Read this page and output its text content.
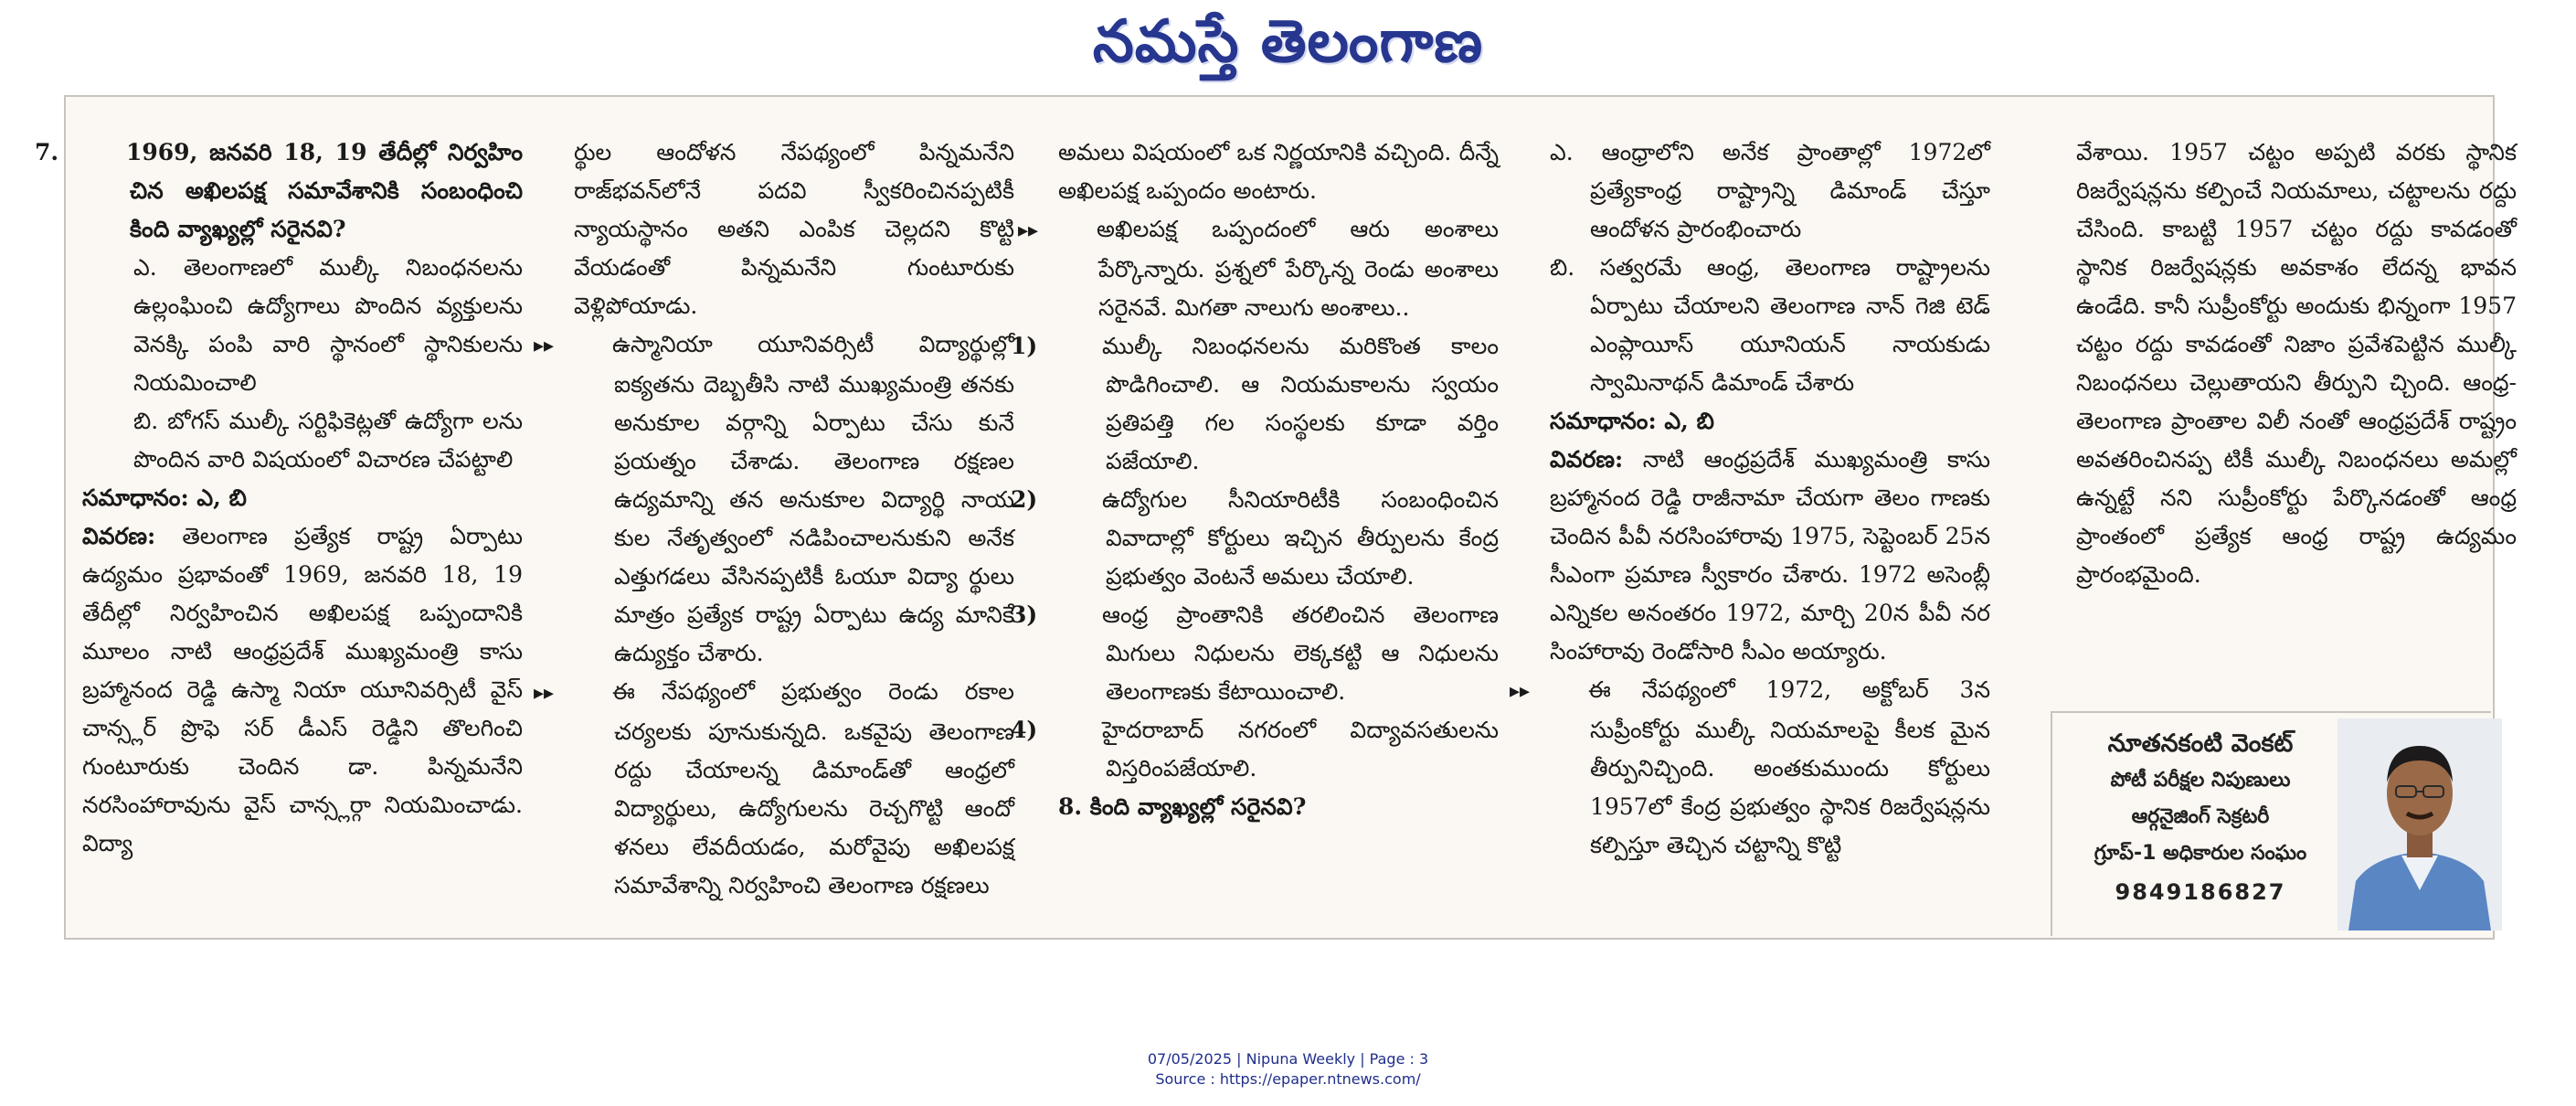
నమస్తే తెలంగాణ

7.	1969, జనవరి 18, 19 తేదీల్లో నిర్వహిం చిన అఖిలపక్ష సమావేశానికి సంబంధించి కింది వ్యాఖ్యల్లో సరైనవి?

ఎ. తెలంగాణలో ముల్కీ నిబంధనలను ఉల్లంఘించి ఉద్యోగాలు పొందిన వ్యక్తులను వెనక్కి పంపి వారి స్థానంలో స్థానికులను నియమించాలి

బి. బోగస్ ముల్కీ సర్టిఫికెట్లతో ఉద్యోగా లను పొందిన వారి విషయంలో విచారణ చేపట్టాలి

సమాధానం: ఎ, బి

వివరణ: తెలంగాణ ప్రత్యేక రాష్ట్ర ఏర్పాటు ఉద్యమం ప్రభావంతో 1969, జనవరి 18, 19 తేదీల్లో నిర్వహించిన అఖిలపక్ష ఒప్పందానికి మూలం నాటి ఆంధ్రప్రదేశ్ ముఖ్యమంత్రి కాసు బ్రహ్మానంద రెడ్డి ఉస్మా నియా యూనివర్సిటీ వైస్ చాన్స్లర్ ప్రొఫె సర్ డీఎస్ రెడ్డిని తొలగించి గుంటూరుకు చెందిన డా. పిన్నమనేని నరసింహారావును వైస్ చాన్స్లర్గా నియమించాడు. విద్యా

ర్థుల ఆందోళన నేపథ్యంలో పిన్నమనేని రాజ్‌భవన్‌లోనే పదవి స్వీకరించినప్పటికీ న్యాయస్థానం అతని ఎంపిక చెల్లదని కొట్టి వేయడంతో పిన్నమనేని గుంటూరుకు వెళ్లిపోయాడు.

▸▸	ఉస్మానియా యూనివర్సిటీ విద్యార్థుల్లో ఐక్యతను దెబ్బతీసి నాటి ముఖ్యమంత్రి తనకు అనుకూల వర్గాన్ని ఏర్పాటు చేసు కునే ప్రయత్నం చేశాడు. తెలంగాణ రక్షణల ఉద్యమాన్ని తన అనుకూల విద్యార్థి నాయ కుల నేతృత్వంలో నడిపించాలనుకుని అనేక ఎత్తుగడలు వేసినప్పటికీ ఓయూ విద్యా ర్థులు మాత్రం ప్రత్యేక రాష్ట్ర ఏర్పాటు ఉద్య మానికే ఉద్యుక్తం చేశారు.

▸▸	ఈ నేపథ్యంలో ప్రభుత్వం రెండు రకాల చర్యలకు పూనుకున్నది. ఒకవైపు తెలంగాణ రద్దు చేయాలన్న డిమాండ్‌తో ఆంధ్రలో విద్యార్థులు, ఉద్యోగులను రెచ్చగొట్టి ఆందో ళనలు లేవదీయడం, మరోవైపు అఖిలపక్ష సమావేశాన్ని నిర్వహించి తెలంగాణ రక్షణలు

అమలు విషయంలో ఒక నిర్ణయానికి వచ్చింది. దీన్నే అఖిలపక్ష ఒప్పందం అంటారు.

▸▸	అఖిలపక్ష ఒప్పందంలో ఆరు అంశాలు పేర్కొన్నారు. ప్రశ్నలో పేర్కొన్న రెండు అంశాలు సరైనవే. మిగతా నాలుగు అంశాలు..

1)	ముల్కీ నిబంధనలను మరికొంత కాలం పొడిగించాలి. ఆ నియమకాలను స్వయం ప్రతిపత్తి గల సంస్థలకు కూడా వర్తిం పజేయాలి.

2)	ఉద్యోగుల సీనియారిటీకి సంబంధించిన వివాదాల్లో కోర్టులు ఇచ్చిన తీర్పులను కేంద్ర ప్రభుత్వం వెంటనే అమలు చేయాలి.

3)	ఆంధ్ర ప్రాంతానికి తరలించిన తెలంగాణ మిగులు నిధులను లెక్కకట్టి ఆ నిధులను తెలంగాణకు కేటాయించాలి.

4)	హైదరాబాద్ నగరంలో విద్యావసతులను విస్తరింపజేయాలి.

8. కింది వ్యాఖ్యల్లో సరైనవి?

ఎ. ఆంధ్రాలోని అనేక ప్రాంతాల్లో 1972లో ప్రత్యేకాంధ్ర రాష్ట్రాన్ని డిమాండ్ చేస్తూ ఆందోళన ప్రారంభించారు

బి. సత్వరమే ఆంధ్ర, తెలంగాణ రాష్ట్రాలను ఏర్పాటు చేయాలని తెలంగాణ నాన్ గెజి టెడ్ ఎంప్లాయీస్ యూనియన్ నాయకుడు స్వామినాథన్ డిమాండ్ చేశారు

సమాధానం: ఎ, బి

వివరణ: నాటి ఆంధ్రప్రదేశ్ ముఖ్యమంత్రి కాసు బ్రహ్మానంద రెడ్డి రాజీనామా చేయగా తెలం గాణకు చెందిన పీవీ నరసింహారావు 1975, సెప్టెంబర్ 25న సీఎంగా ప్రమాణ స్వీకారం చేశారు. 1972 అసెంబ్లీ ఎన్నికల అనంతరం 1972, మార్చి 20న పీవీ నర సింహారావు రెండోసారి సీఎం అయ్యారు.

▸▸	ఈ నేపథ్యంలో 1972, అక్టోబర్ 3న సుప్రీంకోర్టు ముల్కీ నియమాలపై కీలక మైన తీర్పునిచ్చింది. అంతకుముందు కోర్టులు 1957లో కేంద్ర ప్రభుత్వం స్థానిక రిజర్వేషన్లను కల్పిస్తూ తెచ్చిన చట్టాన్ని కొట్టి

వేశాయి. 1957 చట్టం అప్పటి వరకు స్థానిక రిజర్వేషన్లను కల్పించే నియమాలు, చట్టాలను రద్దు చేసింది. కాబట్టి 1957 చట్టం రద్దు కావడంతో స్థానిక రిజర్వేషన్లకు అవకాశం లేదన్న భావన ఉండేది. కానీ సుప్రీంకోర్టు అందుకు భిన్నంగా 1957 చట్టం రద్దు కావడంతో నిజాం ప్రవేశపెట్టిన ముల్కీ నిబంధనలు చెల్లుతాయని తీర్పుని చ్చింది. ఆంధ్ర-తెలంగాణ ప్రాంతాల విలీ నంతో ఆంధ్రప్రదేశ్ రాష్ట్రం అవతరించినప్ప టికీ ముల్కీ నిబంధనలు అమల్లో ఉన్నట్టే నని సుప్రీంకోర్టు పేర్కొనడంతో ఆంధ్ర ప్రాంతంలో ప్రత్యేక ఆంధ్ర రాష్ట్ర ఉద్యమం ప్రారంభమైంది.

నూతనకంటి వెంకట్
పోటీ పరీక్షల నిపుణులు
ఆర్గనైజింగ్ సెక్రటరీ
గ్రూప్-1 అధికారుల సంఘం
9849186827
07/05/2025 | Nipuna Weekly | Page : 3
Source : https://epaper.ntnews.com/
